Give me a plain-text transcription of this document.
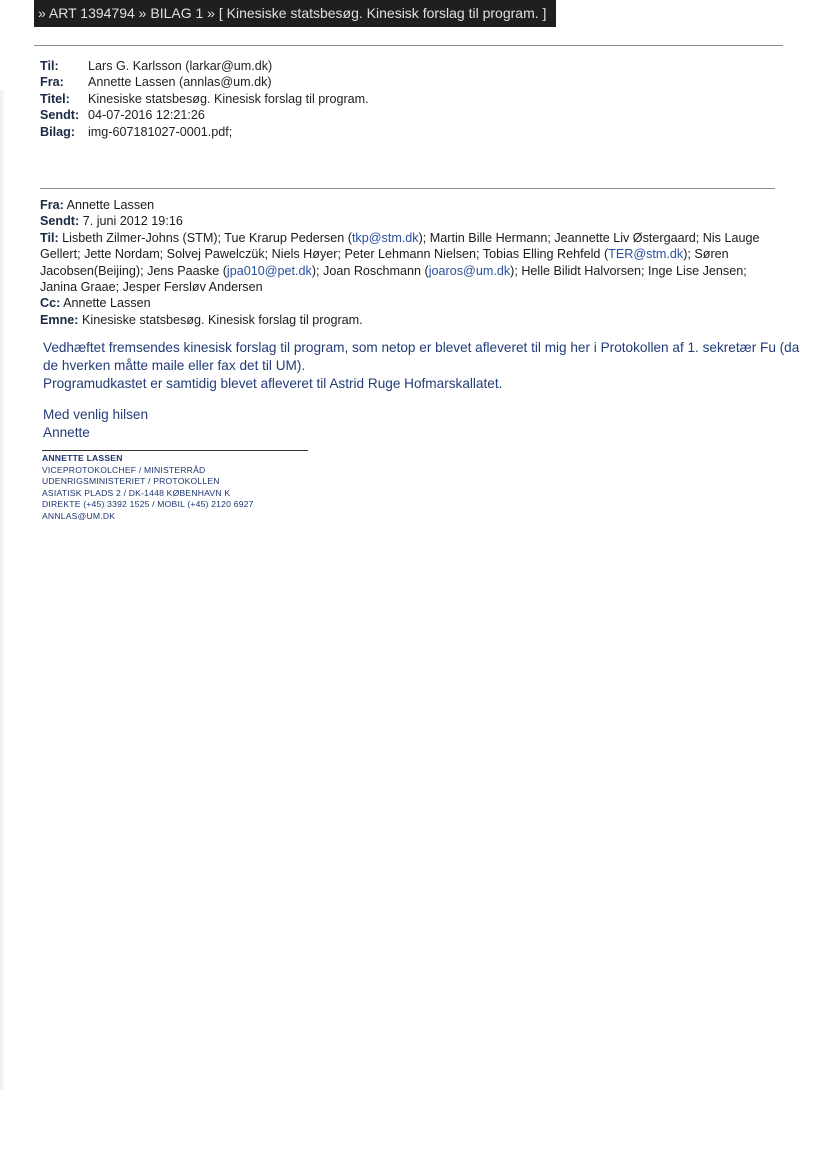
» ART 1394794 » BILAG 1 » [ Kinesiske statsbesøg. Kinesisk forslag til program. ]
Til:	Lars G. Karlsson (larkar@um.dk)
Fra:	Annette Lassen (annlas@um.dk)
Titel:	Kinesiske statsbesøg. Kinesisk forslag til program.
Sendt: 04-07-2016 12:21:26
Bilag:	img-607181027-0001.pdf;
Fra: Annette Lassen
Sendt: 7. juni 2012 19:16
Til: Lisbeth Zilmer-Johns (STM); Tue Krarup Pedersen (tkp@stm.dk); Martin Bille Hermann; Jeannette Liv Østergaard; Nis Lauge Gellert; Jette Nordam; Solvej Pawelczük; Niels Høyer; Peter Lehmann Nielsen; Tobias Elling Rehfeld (TER@stm.dk); Søren Jacobsen(Beijing); Jens Paaske (jpa010@pet.dk); Joan Roschmann (joaros@um.dk); Helle Bilidt Halvorsen; Inge Lise Jensen; Janina Graae; Jesper Fersløv Andersen
Cc: Annette Lassen
Emne: Kinesiske statsbesøg. Kinesisk forslag til program.

Vedhæftet fremsendes kinesisk forslag til program, som netop er blevet afleveret til mig her i Protokollen af 1. sekretær Fu (da de hverken måtte maile eller fax det til UM).

Programudkastet er samtidig blevet afleveret til Astrid Ruge Hofmarskallatet.

Med venlig hilsen
Annette
ANNETTE LASSEN
VICEPROTOKOLCHEF / MINISTERRÅD
UDENRIGSMINISTERIET / PROTOKOLLEN
ASIATISK PLADS 2 / DK-1448 KØBENHAVN K
DIREKTE (+45) 3392 1525 / MOBIL (+45) 2120 6927
ANNLAS@UM.DK
